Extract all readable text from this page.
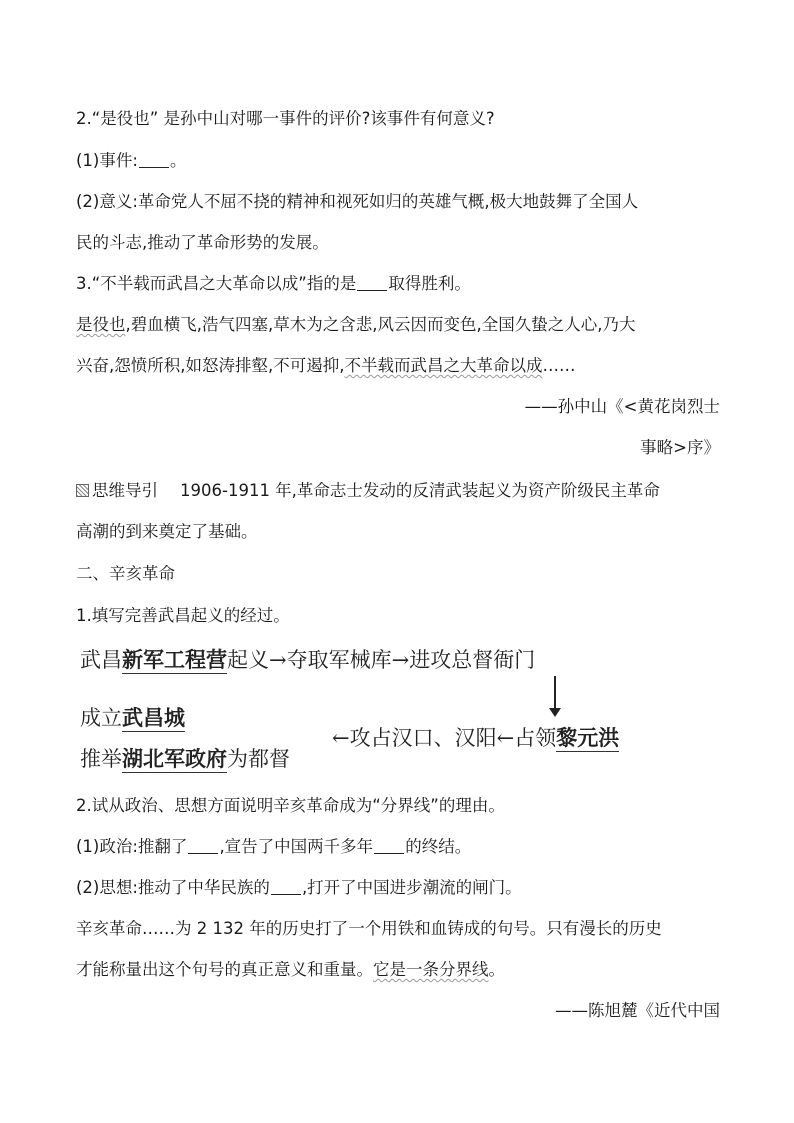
2.“是役也” 是孙中山对哪一事件的评价?该事件有何意义?
(1)事件: 。
(2)意义:革命党人不屈不挠的精神和视死如归的英雄气概,极大地鼓舞了全国人
民的斗志,推动了革命形势的发展。
3.“不半载而武昌之大革命以成”指的是 取得胜利。
是役也,碧血横飞,浩气四塞,草木为之含悲,风云因而变色,全国久蛰之人心,乃大
兴奋,怨愤所积,如怒涛排壑,不可遏抑,不半载而武昌之大革命以成……
——孙中山《<黄花岗烈士
事略>序》
思维导引 1906-1911 年,革命志士发动的反清武装起义为资产阶级民主革命
高潮的到来奠定了基础。
二、辛亥革命
1.填写完善武昌起义的经过。
武昌新军工程营起义→夺取军械库→进攻总督衙门
成立武昌城
推举湖北军政府为都督
←攻占汉口、汉阳←占领黎元洪
2.试从政治、思想方面说明辛亥革命成为“分界线”的理由。
(1)政治:推翻了 ,宣告了中国两千多年 的终结。
(2)思想:推动了中华民族的 ,打开了中国进步潮流的闸门。
辛亥革命……为 2 132 年的历史打了一个用铁和血铸成的句号。只有漫长的历史
才能称量出这个句号的真正意义和重量。它是一条分界线。
——陈旭麓《近代中国
